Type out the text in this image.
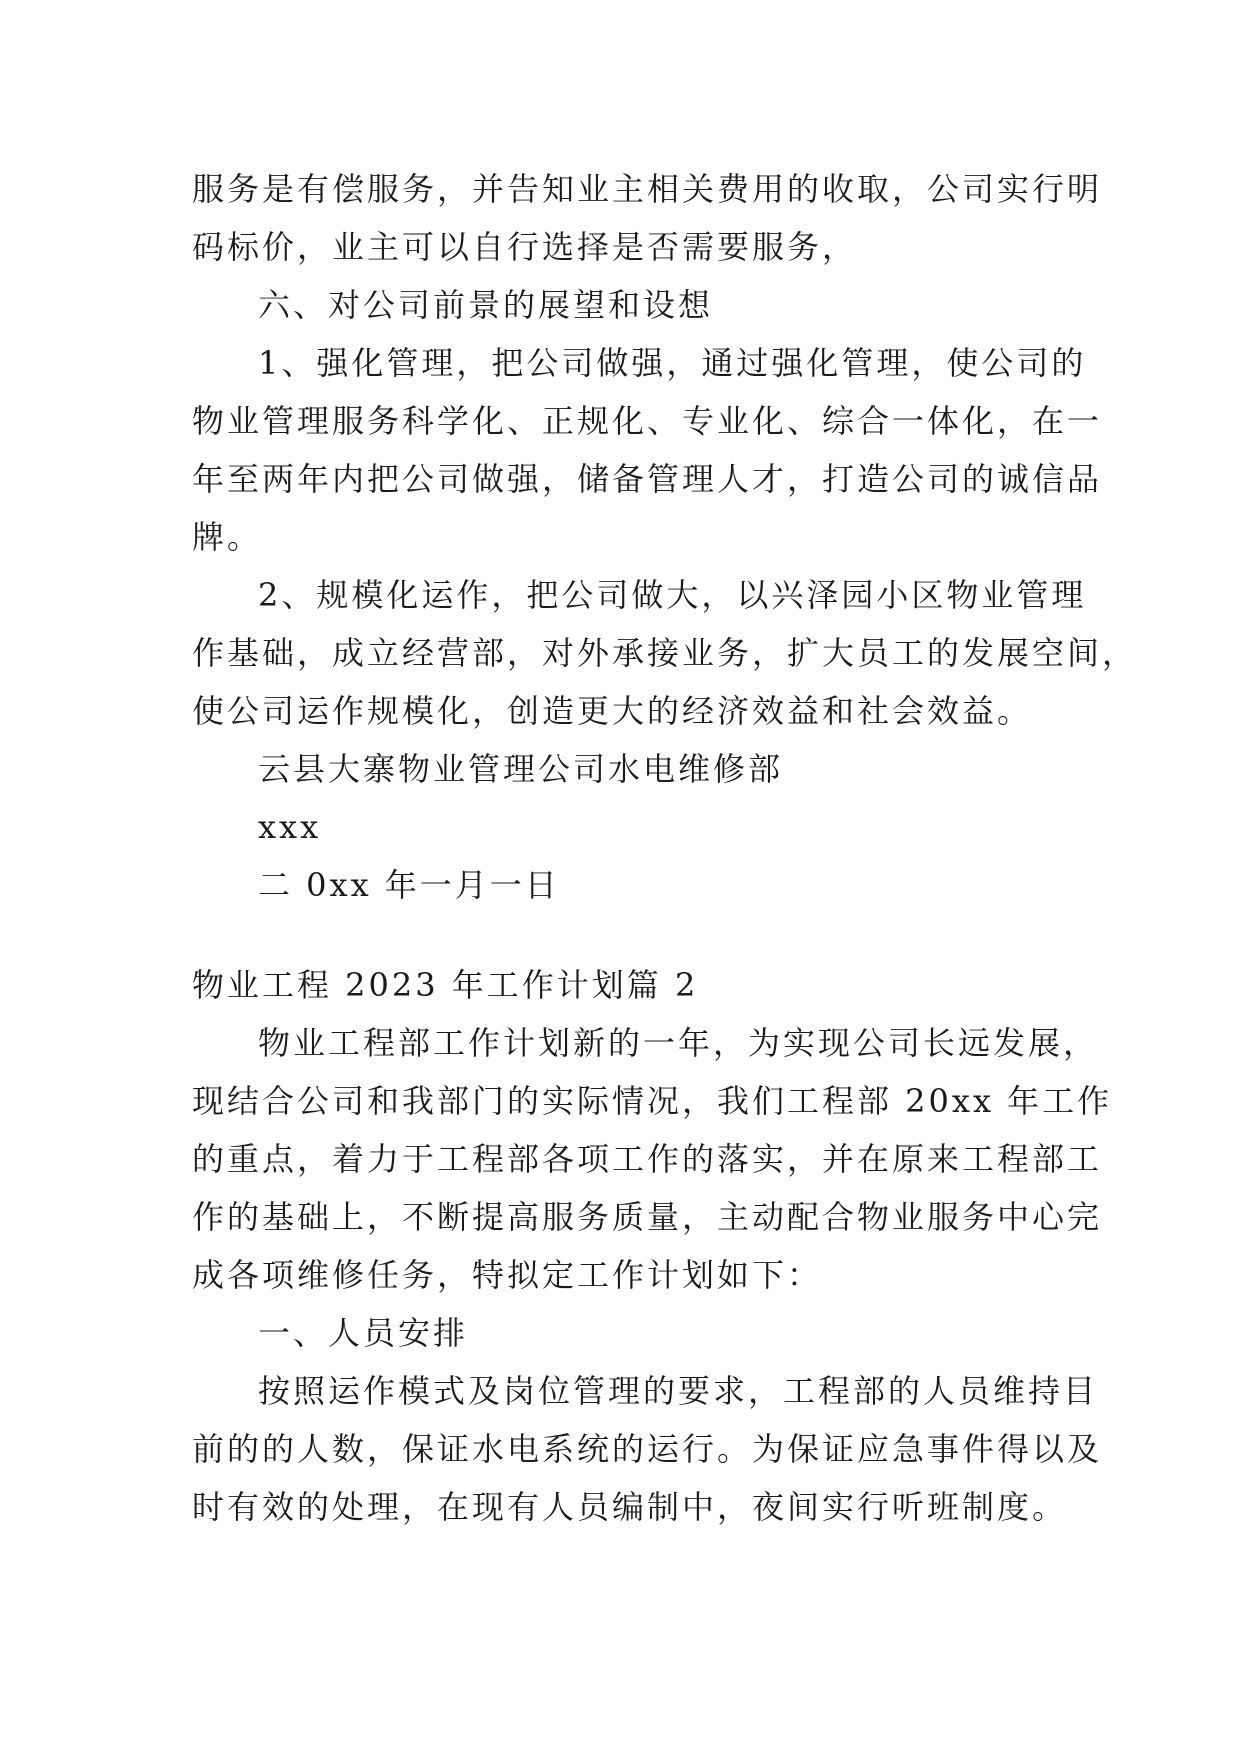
服务是有偿服务，并告知业主相关费用的收取，公司实行明
码标价，业主可以自行选择是否需要服务，
六、对公司前景的展望和设想
1、强化管理，把公司做强，通过强化管理，使公司的
物业管理服务科学化、正规化、专业化、综合一体化，在一
年至两年内把公司做强，储备管理人才，打造公司的诚信品
牌。
2、规模化运作，把公司做大，以兴泽园小区物业管理
作基础，成立经营部，对外承接业务，扩大员工的发展空间，
使公司运作规模化，创造更大的经济效益和社会效益。
云县大寨物业管理公司水电维修部
xxx
二 0xx 年一月一日
物业工程 2023 年工作计划篇 2
物业工程部工作计划新的一年，为实现公司长远发展，
现结合公司和我部门的实际情况，我们工程部 20xx 年工作
的重点，着力于工程部各项工作的落实，并在原来工程部工
作的基础上，不断提高服务质量，主动配合物业服务中心完
成各项维修任务，特拟定工作计划如下：
一、人员安排
按照运作模式及岗位管理的要求，工程部的人员维持目
前的的人数，保证水电系统的运行。为保证应急事件得以及
时有效的处理，在现有人员编制中，夜间实行听班制度。
